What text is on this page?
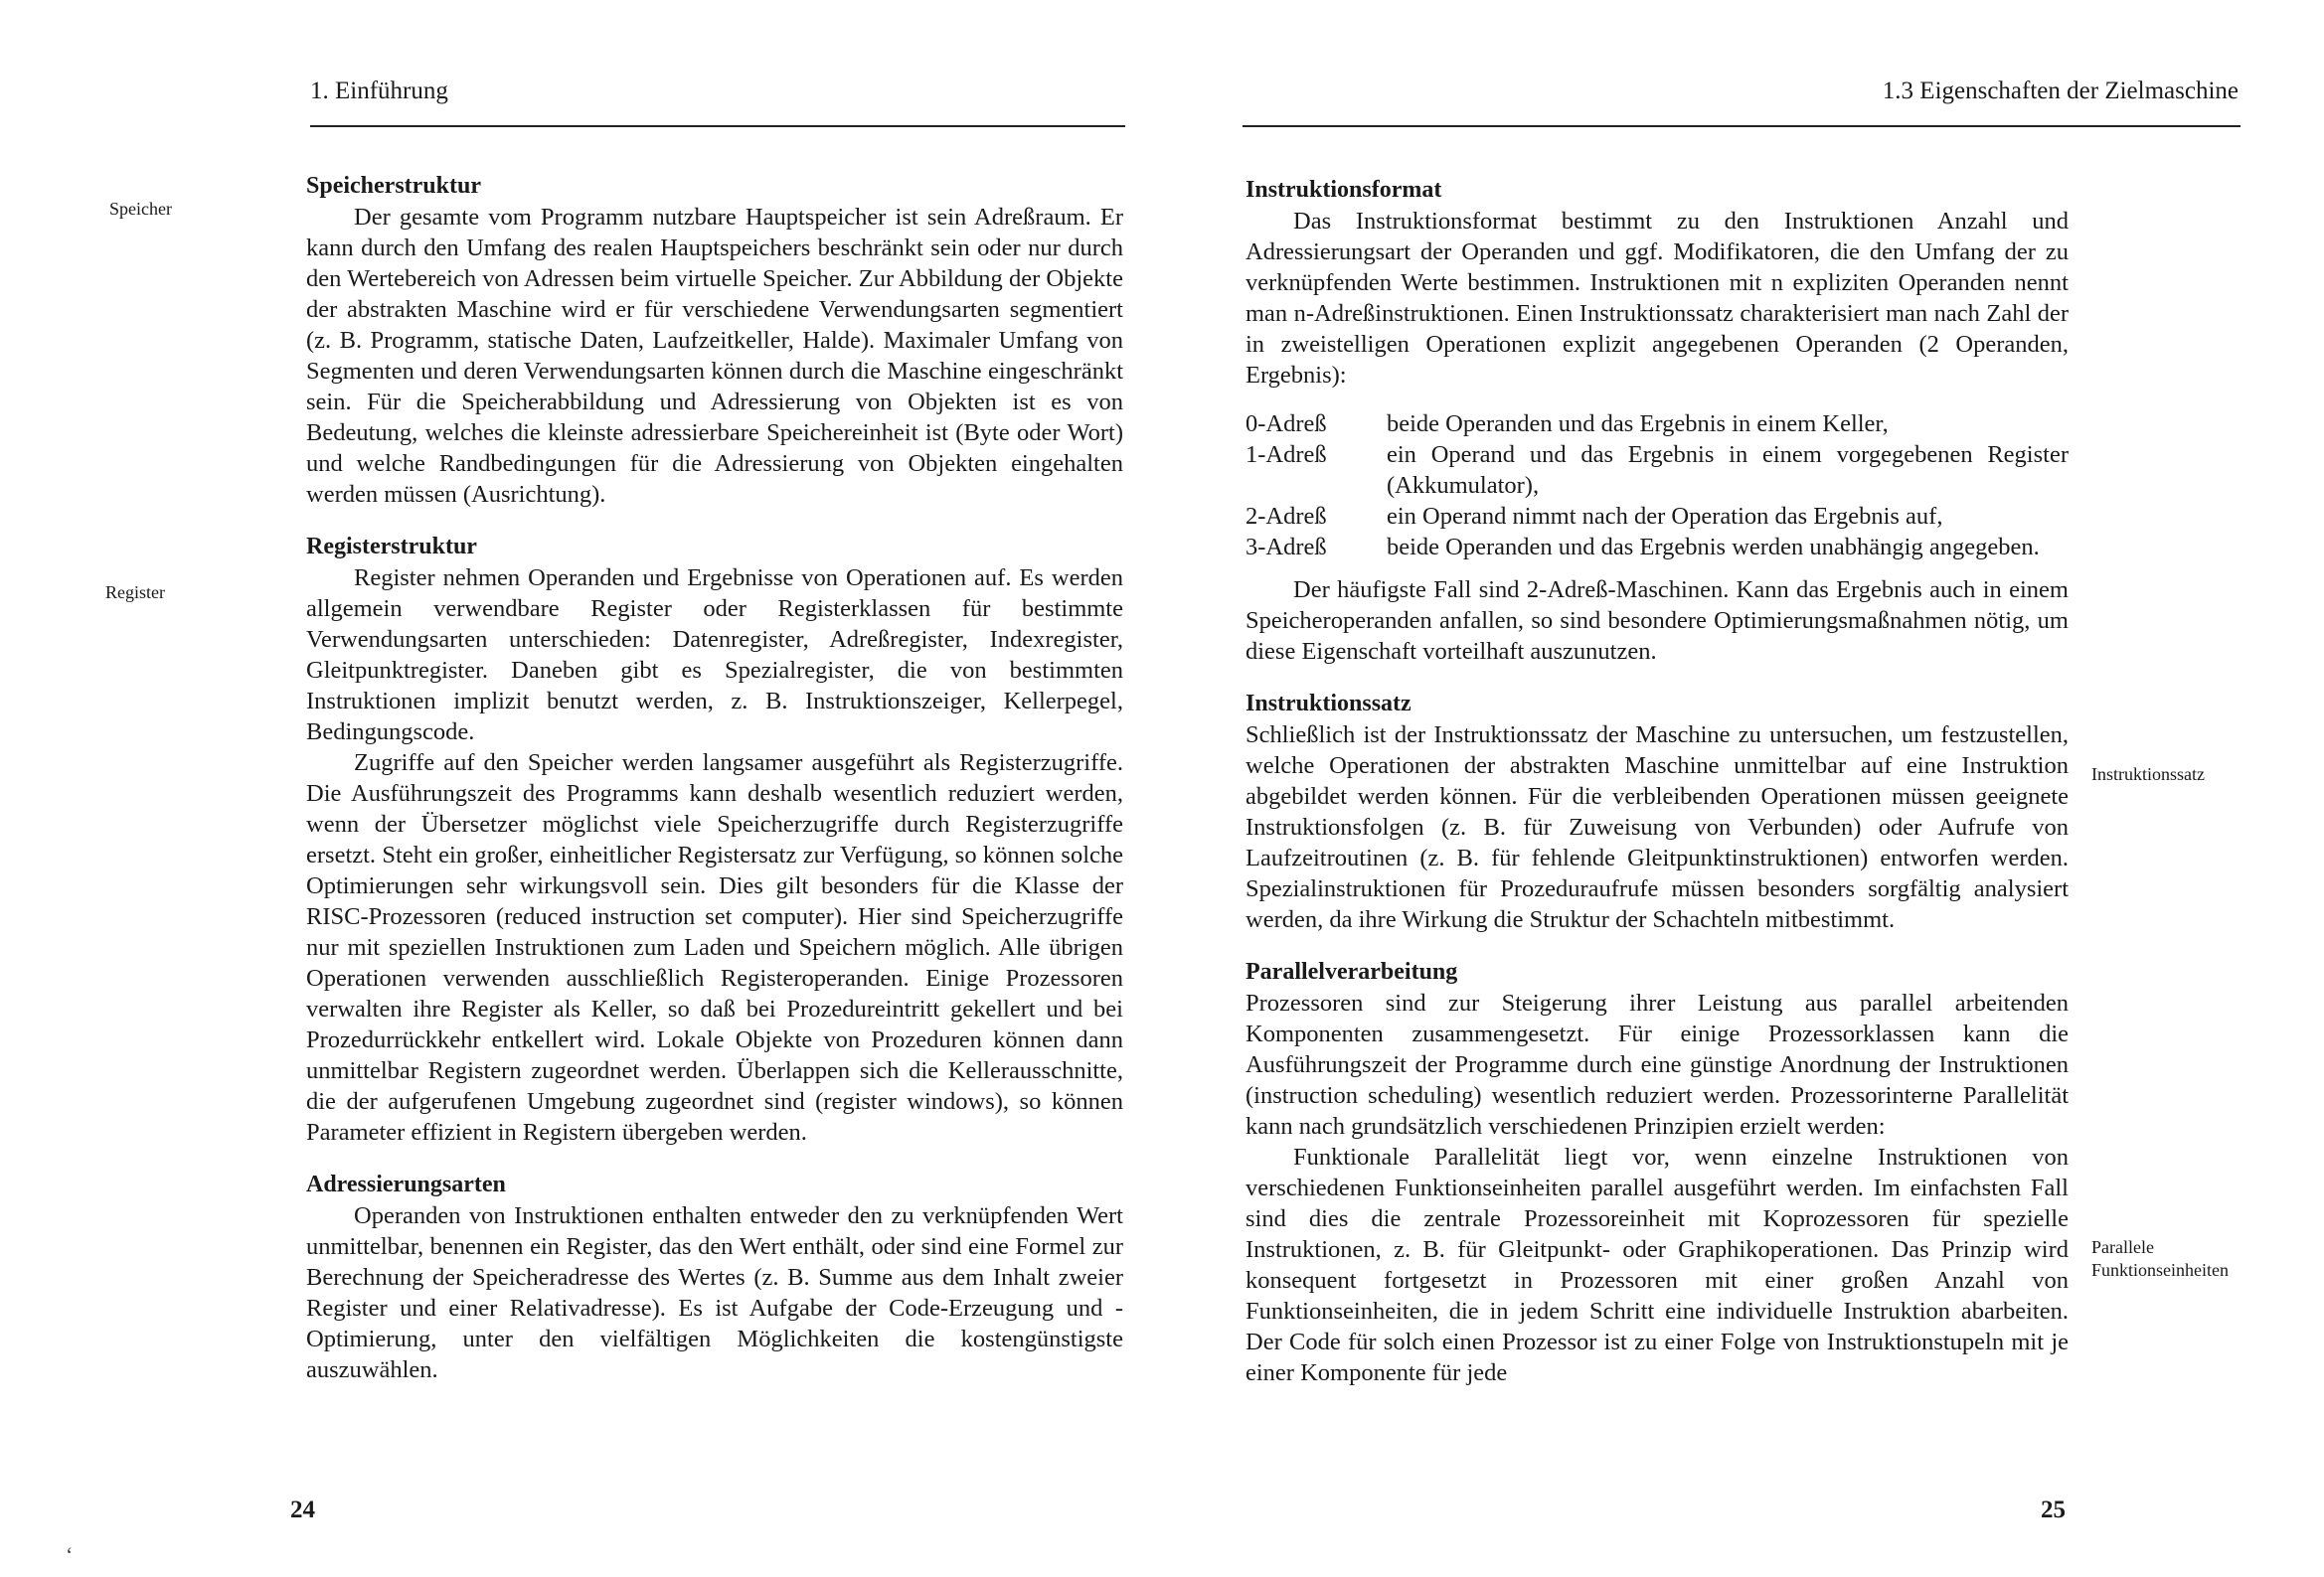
1. Einführung
Speicher
Register
Speicherstruktur

Der gesamte vom Programm nutzbare Hauptspeicher ist sein Adreßraum. Er kann durch den Umfang des realen Hauptspeichers beschränkt sein oder nur durch den Wertebereich von Adressen beim virtuelle Speicher. Zur Abbildung der Objekte der abstrakten Maschine wird er für verschiedene Verwendungsarten segmentiert (z. B. Programm, statische Daten, Laufzeitkeller, Halde). Maximaler Umfang von Segmenten und deren Verwendungsarten können durch die Maschine eingeschränkt sein. Für die Speicherabbildung und Adressierung von Objekten ist es von Bedeutung, welches die kleinste adressierbare Speichereinheit ist (Byte oder Wort) und welche Randbedingungen für die Adressierung von Objekten eingehalten werden müssen (Ausrichtung).

Registerstruktur

Register nehmen Operanden und Ergebnisse von Operationen auf. Es werden allgemein verwendbare Register oder Registerklassen für bestimmte Verwendungsarten unterschieden: Datenregister, Adreßregister, Indexregister, Gleitpunktregister. Daneben gibt es Spezialregister, die von bestimmten Instruktionen implizit benutzt werden, z. B. Instruktionszeiger, Kellerpegel, Bedingungscode.

Zugriffe auf den Speicher werden langsamer ausgeführt als Registerzugriffe. Die Ausführungszeit des Programms kann deshalb wesentlich reduziert werden, wenn der Übersetzer möglichst viele Speicherzugriffe durch Registerzugriffe ersetzt. Steht ein großer, einheitlicher Registersatz zur Verfügung, so können solche Optimierungen sehr wirkungsvoll sein. Dies gilt besonders für die Klasse der RISC-Prozessoren (reduced instruction set computer). Hier sind Speicherzugriffe nur mit speziellen Instruktionen zum Laden und Speichern möglich. Alle übrigen Operationen verwenden ausschließlich Registeroperanden. Einige Prozessoren verwalten ihre Register als Keller, so daß bei Prozedureintritt gekellert und bei Prozedurrückkehr entkellert wird. Lokale Objekte von Prozeduren können dann unmittelbar Registern zugeordnet werden. Überlappen sich die Kellerausschnitte, die der aufgerufenen Umgebung zugeordnet sind (register windows), so können Parameter effizient in Registern übergeben werden.

Adressierungsarten

Operanden von Instruktionen enthalten entweder den zu verknüpfenden Wert unmittelbar, benennen ein Register, das den Wert enthält, oder sind eine Formel zur Berechnung der Speicheradresse des Wertes (z. B. Summe aus dem Inhalt zweier Register und einer Relativadresse). Es ist Aufgabe der Code-Erzeugung und -Optimierung, unter den vielfältigen Möglichkeiten die kostengünstigste auszuwählen.

24
ʻ
1.3 Eigenschaften der Zielmaschine
Instruktionssatz
Parallele
Funktionseinheiten
Instruktionsformat

Das Instruktionsformat bestimmt zu den Instruktionen Anzahl und Adressierungsart der Operanden und ggf. Modifikatoren, die den Umfang der zu verknüpfenden Werte bestimmen. Instruktionen mit n expliziten Operanden nennt man n-Adreßinstruktionen. Einen Instruktionssatz charakterisiert man nach Zahl der in zweistelligen Operationen explizit angegebenen Operanden (2 Operanden, Ergebnis):

0-Adreß	beide Operanden und das Ergebnis in einem Keller,
1-Adreß	ein Operand und das Ergebnis in einem vorgegebenen Register (Akkumulator),
2-Adreß	ein Operand nimmt nach der Operation das Ergebnis auf,
3-Adreß	beide Operanden und das Ergebnis werden unabhängig angegeben.

Der häufigste Fall sind 2-Adreß-Maschinen. Kann das Ergebnis auch in einem Speicheroperanden anfallen, so sind besondere Optimierungsmaßnahmen nötig, um diese Eigenschaft vorteilhaft auszunutzen.

Instruktionssatz

Schließlich ist der Instruktionssatz der Maschine zu untersuchen, um festzustellen, welche Operationen der abstrakten Maschine unmittelbar auf eine Instruktion abgebildet werden können. Für die verbleibenden Operationen müssen geeignete Instruktionsfolgen (z. B. für Zuweisung von Verbunden) oder Aufrufe von Laufzeitroutinen (z. B. für fehlende Gleitpunktinstruktionen) entworfen werden. Spezialinstruktionen für Prozeduraufrufe müssen besonders sorgfältig analysiert werden, da ihre Wirkung die Struktur der Schachteln mitbestimmt.

Parallelverarbeitung

Prozessoren sind zur Steigerung ihrer Leistung aus parallel arbeitenden Komponenten zusammengesetzt. Für einige Prozessorklassen kann die Ausführungszeit der Programme durch eine günstige Anordnung der Instruktionen (instruction scheduling) wesentlich reduziert werden. Prozessorinterne Parallelität kann nach grundsätzlich verschiedenen Prinzipien erzielt werden:

Funktionale Parallelität liegt vor, wenn einzelne Instruktionen von verschiedenen Funktionseinheiten parallel ausgeführt werden. Im einfachsten Fall sind dies die zentrale Prozessoreinheit mit Koprozessoren für spezielle Instruktionen, z. B. für Gleitpunkt- oder Graphikoperationen. Das Prinzip wird konsequent fortgesetzt in Prozessoren mit einer großen Anzahl von Funktionseinheiten, die in jedem Schritt eine individuelle Instruktion abarbeiten. Der Code für solch einen Prozessor ist zu einer Folge von Instruktionstupeln mit je einer Komponente für jede

25
